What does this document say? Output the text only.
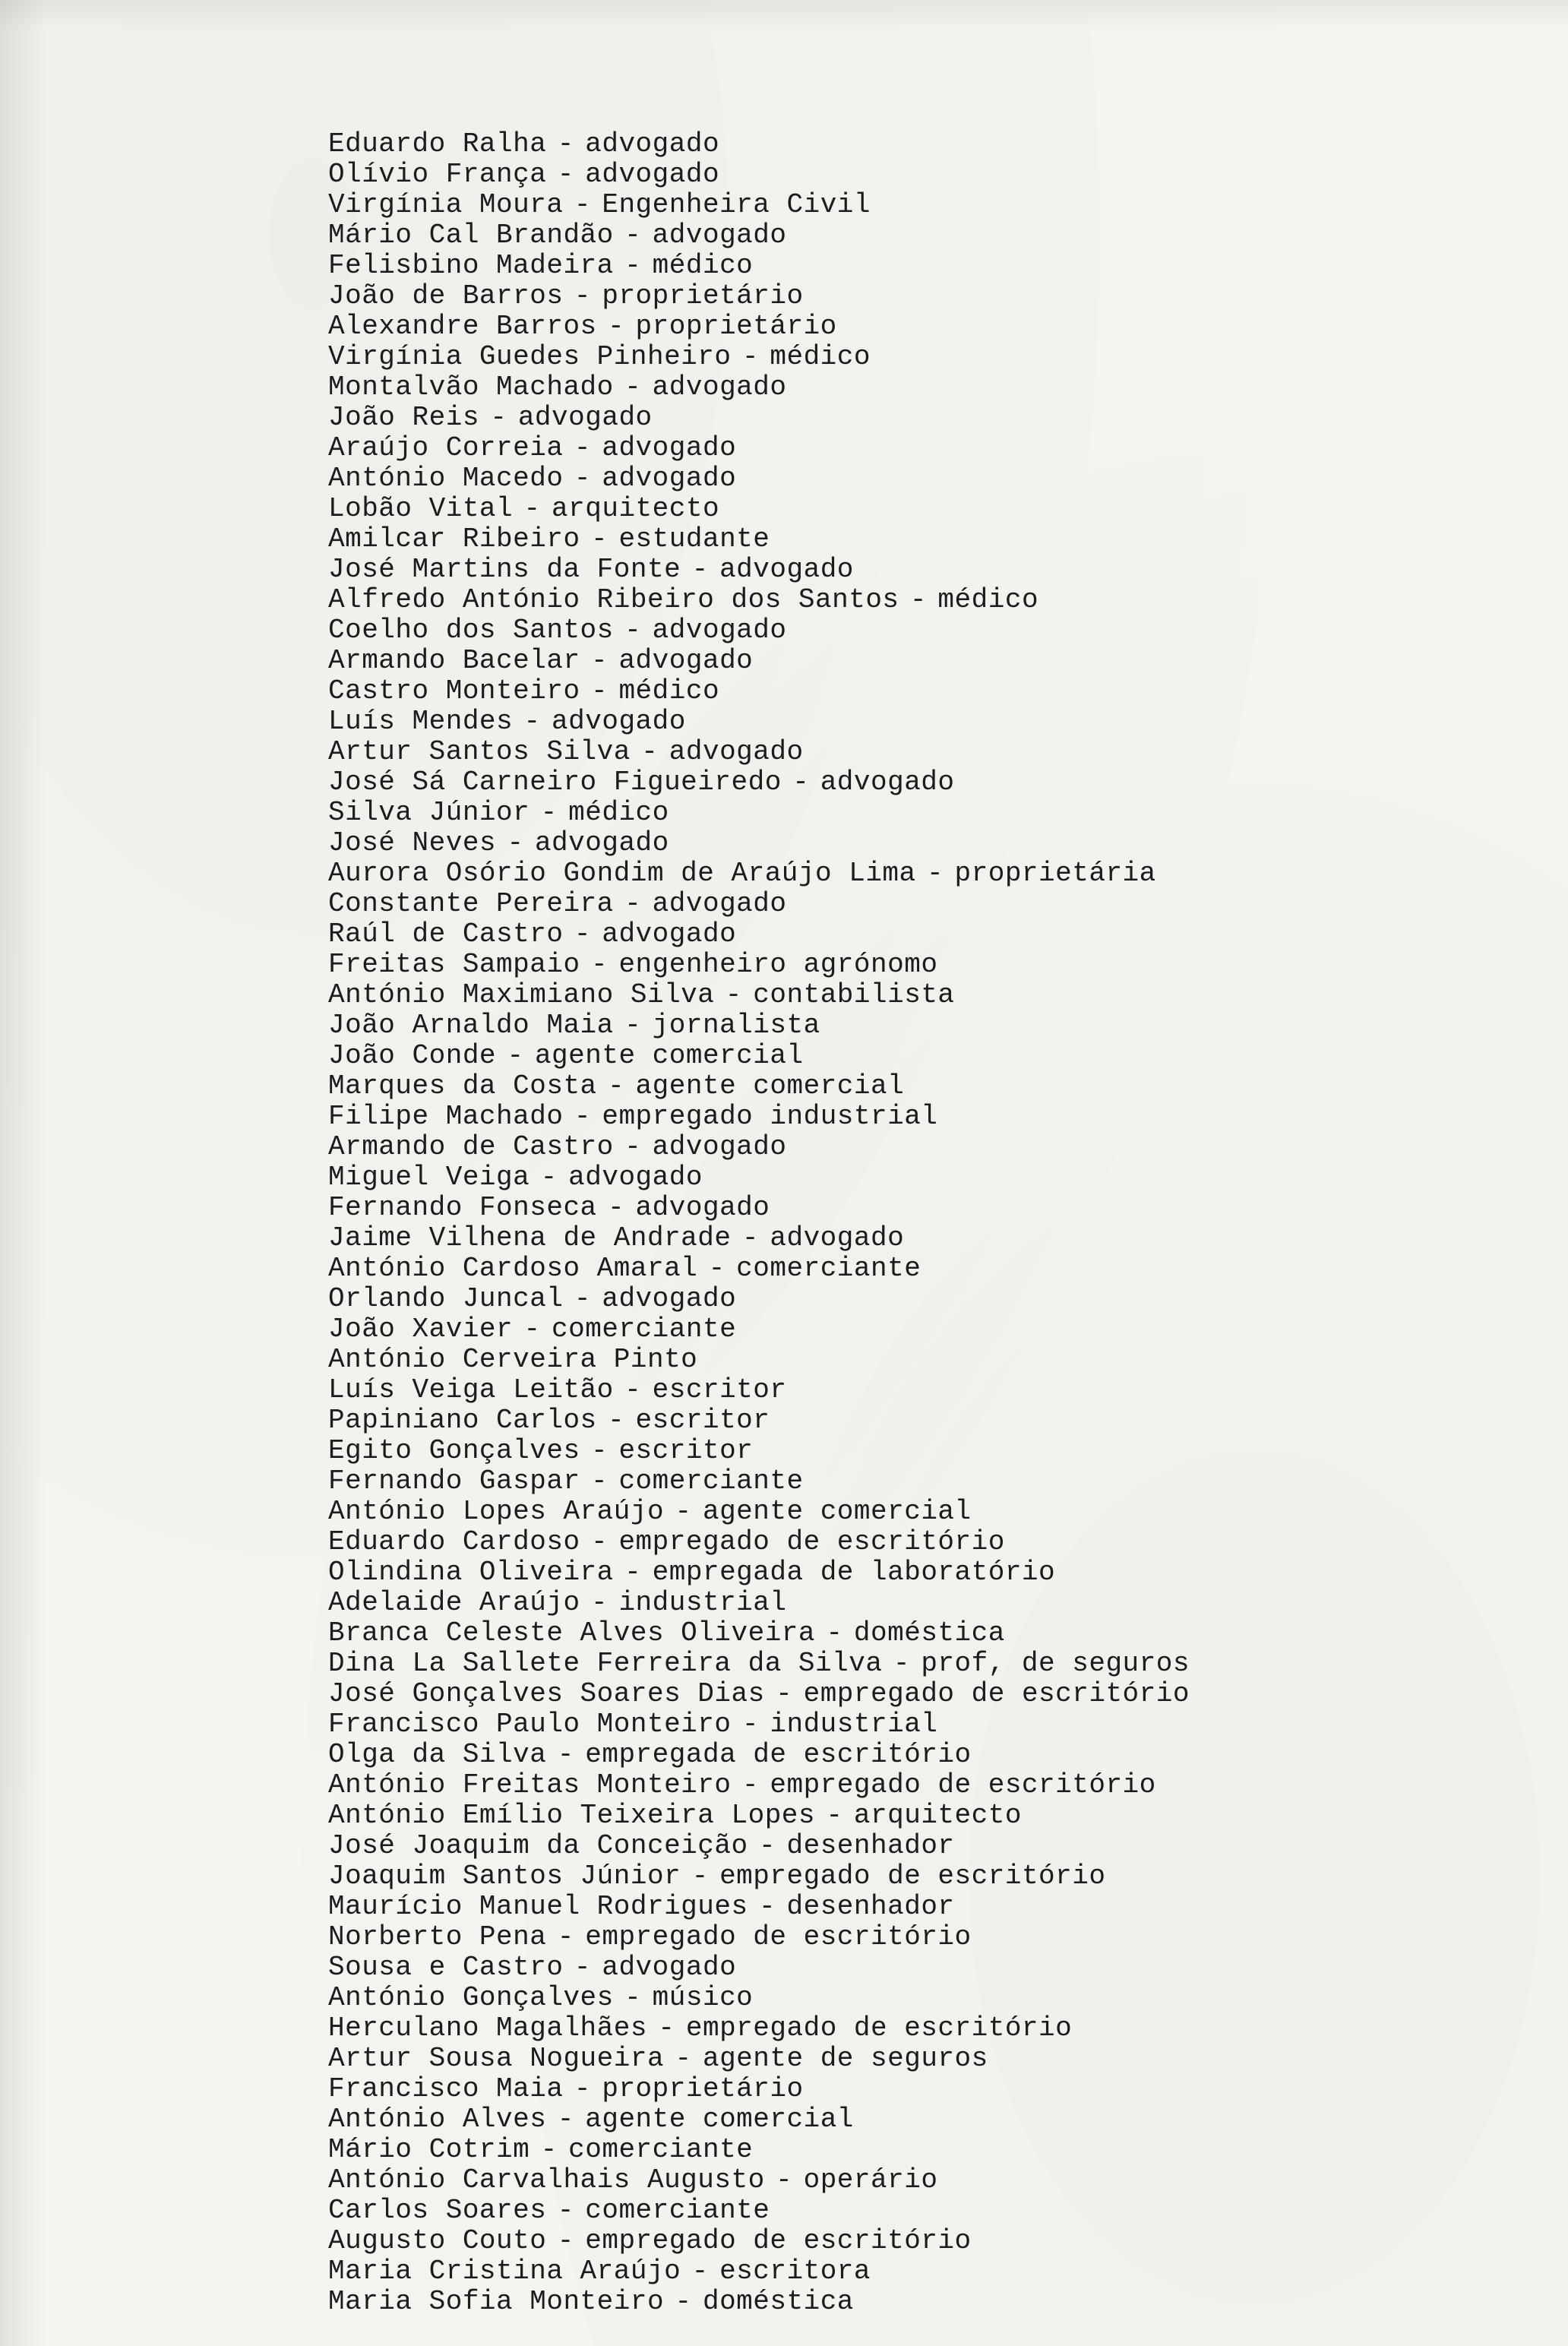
Eduardo Ralha - advogado
Olívio França - advogado
Virgínia Moura - Engenheira Civil
Mário Cal Brandão - advogado
Felisbino Madeira - médico
João de Barros - proprietário
Alexandre Barros - proprietário
Virgínia Guedes Pinheiro - médico
Montalvão Machado - advogado
João Reis - advogado
Araújo Correia - advogado
António Macedo - advogado
Lobão Vital - arquitecto
Amilcar Ribeiro - estudante
José Martins da Fonte - advogado
Alfredo António Ribeiro dos Santos - médico
Coelho dos Santos - advogado
Armando Bacelar - advogado
Castro Monteiro - médico
Luís Mendes - advogado
Artur Santos Silva - advogado
José Sá Carneiro Figueiredo - advogado
Silva Júnior - médico
José Neves - advogado
Aurora Osório Gondim de Araújo Lima - proprietária
Constante Pereira - advogado
Raúl de Castro - advogado
Freitas Sampaio - engenheiro agrónomo
António Maximiano Silva - contabilista
João Arnaldo Maia - jornalista
João Conde - agente comercial
Marques da Costa - agente comercial
Filipe Machado - empregado industrial
Armando de Castro - advogado
Miguel Veiga - advogado
Fernando Fonseca - advogado
Jaime Vilhena de Andrade - advogado
António Cardoso Amaral - comerciante
Orlando Juncal - advogado
João Xavier - comerciante
António Cerveira Pinto
Luís Veiga Leitão - escritor
Papiniano Carlos - escritor
Egito Gonçalves - escritor
Fernando Gaspar - comerciante
António Lopes Araújo - agente comercial
Eduardo Cardoso - empregado de escritório
Olindina Oliveira - empregada de laboratório
Adelaide Araújo - industrial
Branca Celeste Alves Oliveira - doméstica
Dina La Sallete Ferreira da Silva - prof, de seguros
José Gonçalves Soares Dias - empregado de escritório
Francisco Paulo Monteiro - industrial
Olga da Silva - empregada de escritório
António Freitas Monteiro - empregado de escritório
António Emílio Teixeira Lopes - arquitecto
José Joaquim da Conceição - desenhador
Joaquim Santos Júnior - empregado de escritório
Maurício Manuel Rodrigues - desenhador
Norberto Pena - empregado de escritório
Sousa e Castro - advogado
António Gonçalves - músico
Herculano Magalhães - empregado de escritório
Artur Sousa Nogueira - agente de seguros
Francisco Maia - proprietário
António Alves - agente comercial
Mário Cotrim - comerciante
António Carvalhais Augusto - operário
Carlos Soares - comerciante
Augusto Couto - empregado de escritório
Maria Cristina Araújo - escritora
Maria Sofia Monteiro - doméstica
